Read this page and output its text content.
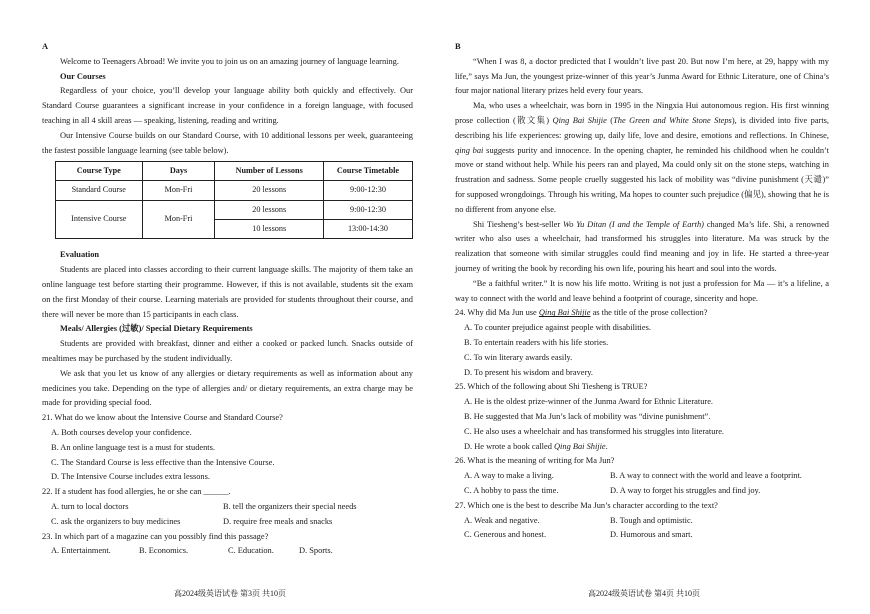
A

Welcome to Teenagers Abroad! We invite you to join us on an amazing journey of language learning.

Our Courses

Regardless of your choice, you’ll develop your language ability both quickly and effectively. Our Standard Course guarantees a significant increase in your confidence in a foreign language, with focused teaching in all 4 skill areas — speaking, listening, reading and writing.

Our Intensive Course builds on our Standard Course, with 10 additional lessons per week, guaranteeing the fastest possible language learning (see table below).

Course Type	Days	Number of Lessons	Course Timetable
Standard Course	Mon-Fri	20 lessons	9:00-12:30
Intensive Course	Mon-Fri	20 lessons	9:00-12:30
		10 lessons	13:00-14:30

Evaluation

Students are placed into classes according to their current language skills. The majority of them take an online language test before starting their programme. However, if this is not available, students sit the exam on the first Monday of their course. Learning materials are provided for students throughout their course, and there will never be more than 15 participants in each class.

Meals/ Allergies (过敏)/ Special Dietary Requirements

Students are provided with breakfast, dinner and either a cooked or packed lunch. Snacks outside of mealtimes may be purchased by the student individually.

We ask that you let us know of any allergies or dietary requirements as well as information about any medicines you take. Depending on the type of allergies and/ or dietary requirements, an extra charge may be made for providing special food.

21. What do we know about the Intensive Course and Standard Course?

A. Both courses develop your confidence.

B. An online language test is a must for students.

C. The Standard Course is less effective than the Intensive Course.

D. The Intensive Course includes extra lessons.

22. If a student has food allergies, he or she can ______.

A. turn to local doctors	B. tell the organizers their special needs
C. ask the organizers to buy medicines	D. require free meals and snacks

23. In which part of a magazine can you possibly find this passage?

A. Entertainment.	B. Economics.	C. Education.	D. Sports.

B

“When I was 8, a doctor predicted that I wouldn’t live past 20. But now I’m here, at 29, happy with my life,” says Ma Jun, the youngest prize-winner of this year’s Junma Award for Ethnic Literature, one of China’s four major national literary prizes held every four years.

Ma, who uses a wheelchair, was born in 1995 in the Ningxia Hui autonomous region. His first winning prose collection (散文集) Qing Bai Shijie (The Green and White Stone Steps), is divided into five parts, describing his life experiences: growing up, daily life, love and desire, emotions and reflections. In Chinese, qing bai suggests purity and innocence. In the opening chapter, he reminded his childhood when he couldn’t move or stand without help. While his peers ran and played, Ma could only sit on the stone steps, watching in frustration and sadness. Some people cruelly suggested his lack of mobility was “divine punishment (天谴)” for supposed wrongdoings. Through his writing, Ma hopes to counter such prejudice (偏见), showing that he is no different from anyone else.

Shi Tiesheng’s best-seller Wo Yu Ditan (I and the Temple of Earth) changed Ma’s life. Shi, a renowned writer who also uses a wheelchair, had transformed his struggles into literature. Ma was struck by the realization that someone with similar struggles could find meaning and joy in life. He started a three-year journey of writing the book by recording his own life, pouring his heart and soul into the words.

“Be a faithful writer.” It is now his life motto. Writing is not just a profession for Ma — it’s a lifeline, a way to connect with the world and leave behind a footprint of courage, sincerity and hope.

24. Why did Ma Jun use Qing Bai Shijie as the title of the prose collection?

A. To counter prejudice against people with disabilities.

B. To entertain readers with his life stories.

C. To win literary awards easily.

D. To present his wisdom and bravery.

25. Which of the following about Shi Tiesheng is TRUE?

A. He is the oldest prize-winner of the Junma Award for Ethnic Literature.

B. He suggested that Ma Jun’s lack of mobility was “divine punishment”.

C. He also uses a wheelchair and has transformed his struggles into literature.

D. He wrote a book called Qing Bai Shijie.

26. What is the meaning of writing for Ma Jun?

A. A way to make a living.	B. A way to connect with the world and leave a footprint.
C. A hobby to pass the time.	D. A way to forget his struggles and find joy.

27. Which one is the best to describe Ma Jun’s character according to the text?

A. Weak and negative.	B. Tough and optimistic.
C. Generous and honest.	D. Humorous and smart.
高2024级英语试卷 第3页 共10页	高2024级英语试卷 第4页 共10页
